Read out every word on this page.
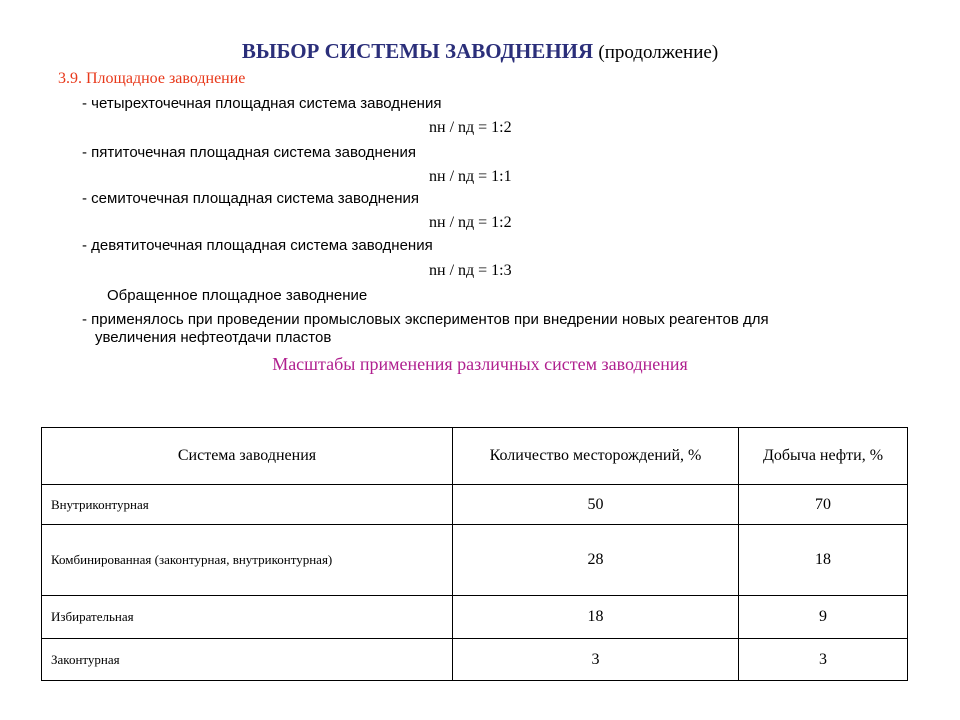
ВЫБОР СИСТЕМЫ ЗАВОДНЕНИЯ (продолжение)
3.9. Площадное заводнение
- четырехточечная площадная система заводнения
nн / nд = 1:2
- пятиточечная площадная система заводнения
nн / nд = 1:1
- семиточечная площадная система заводнения
nн / nд = 1:2
- девятиточечная площадная система заводнения
nн / nд = 1:3
Обращенное площадное заводнение
- применялось при проведении промысловых экспериментов при внедрении новых реагентов для
увеличения нефтеотдачи пластов
Масштабы применения различных систем заводнения
Система заводнения	Количество месторождений, %	Добыча нефти, %
Внутриконтурная	50	70
Комбинированная (законтурная, внутриконтурная)	28	18
Избирательная	18	9
Законтурная	3	3
